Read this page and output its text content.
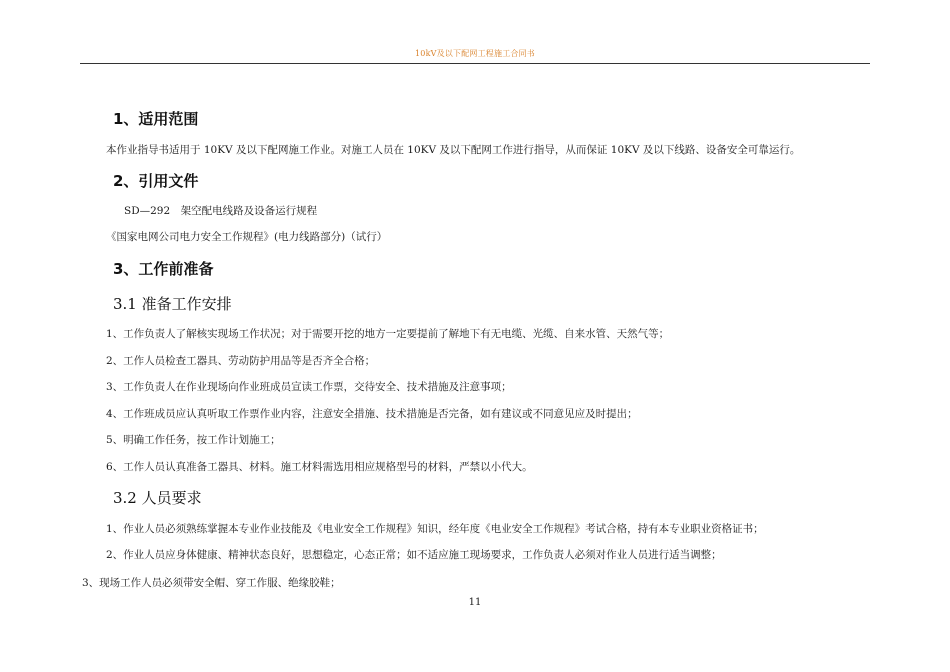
10kV及以下配网工程施工合同书
1、适用范围
本作业指导书适用于 10KV 及以下配网施工作业。对施工人员在 10KV 及以下配网工作进行指导，从而保证 10KV 及以下线路、设备安全可靠运行。
2、引用文件
SD—292　架空配电线路及设备运行规程
《国家电网公司电力安全工作规程》(电力线路部分)（试行）
3、工作前准备
3.1 准备工作安排
1、工作负责人了解核实现场工作状况；对于需要开挖的地方一定要提前了解地下有无电缆、光缆、自来水管、天然气等；
2、工作人员检查工器具、劳动防护用品等是否齐全合格；
3、工作负责人在作业现场向作业班成员宣读工作票，交待安全、技术措施及注意事项；
4、工作班成员应认真听取工作票作业内容，注意安全措施、技术措施是否完备，如有建议或不同意见应及时提出；
5、明确工作任务，按工作计划施工；
6、工作人员认真准备工器具、材料。施工材料需选用相应规格型号的材料，严禁以小代大。
3.2 人员要求
1、作业人员必须熟练掌握本专业作业技能及《电业安全工作规程》知识，经年度《电业安全工作规程》考试合格，持有本专业职业资格证书；
2、作业人员应身体健康、精神状态良好，思想稳定，心态正常；如不适应施工现场要求，工作负责人必须对作业人员进行适当调整；
3、现场工作人员必须带安全帽、穿工作服、绝缘胶鞋；
11
